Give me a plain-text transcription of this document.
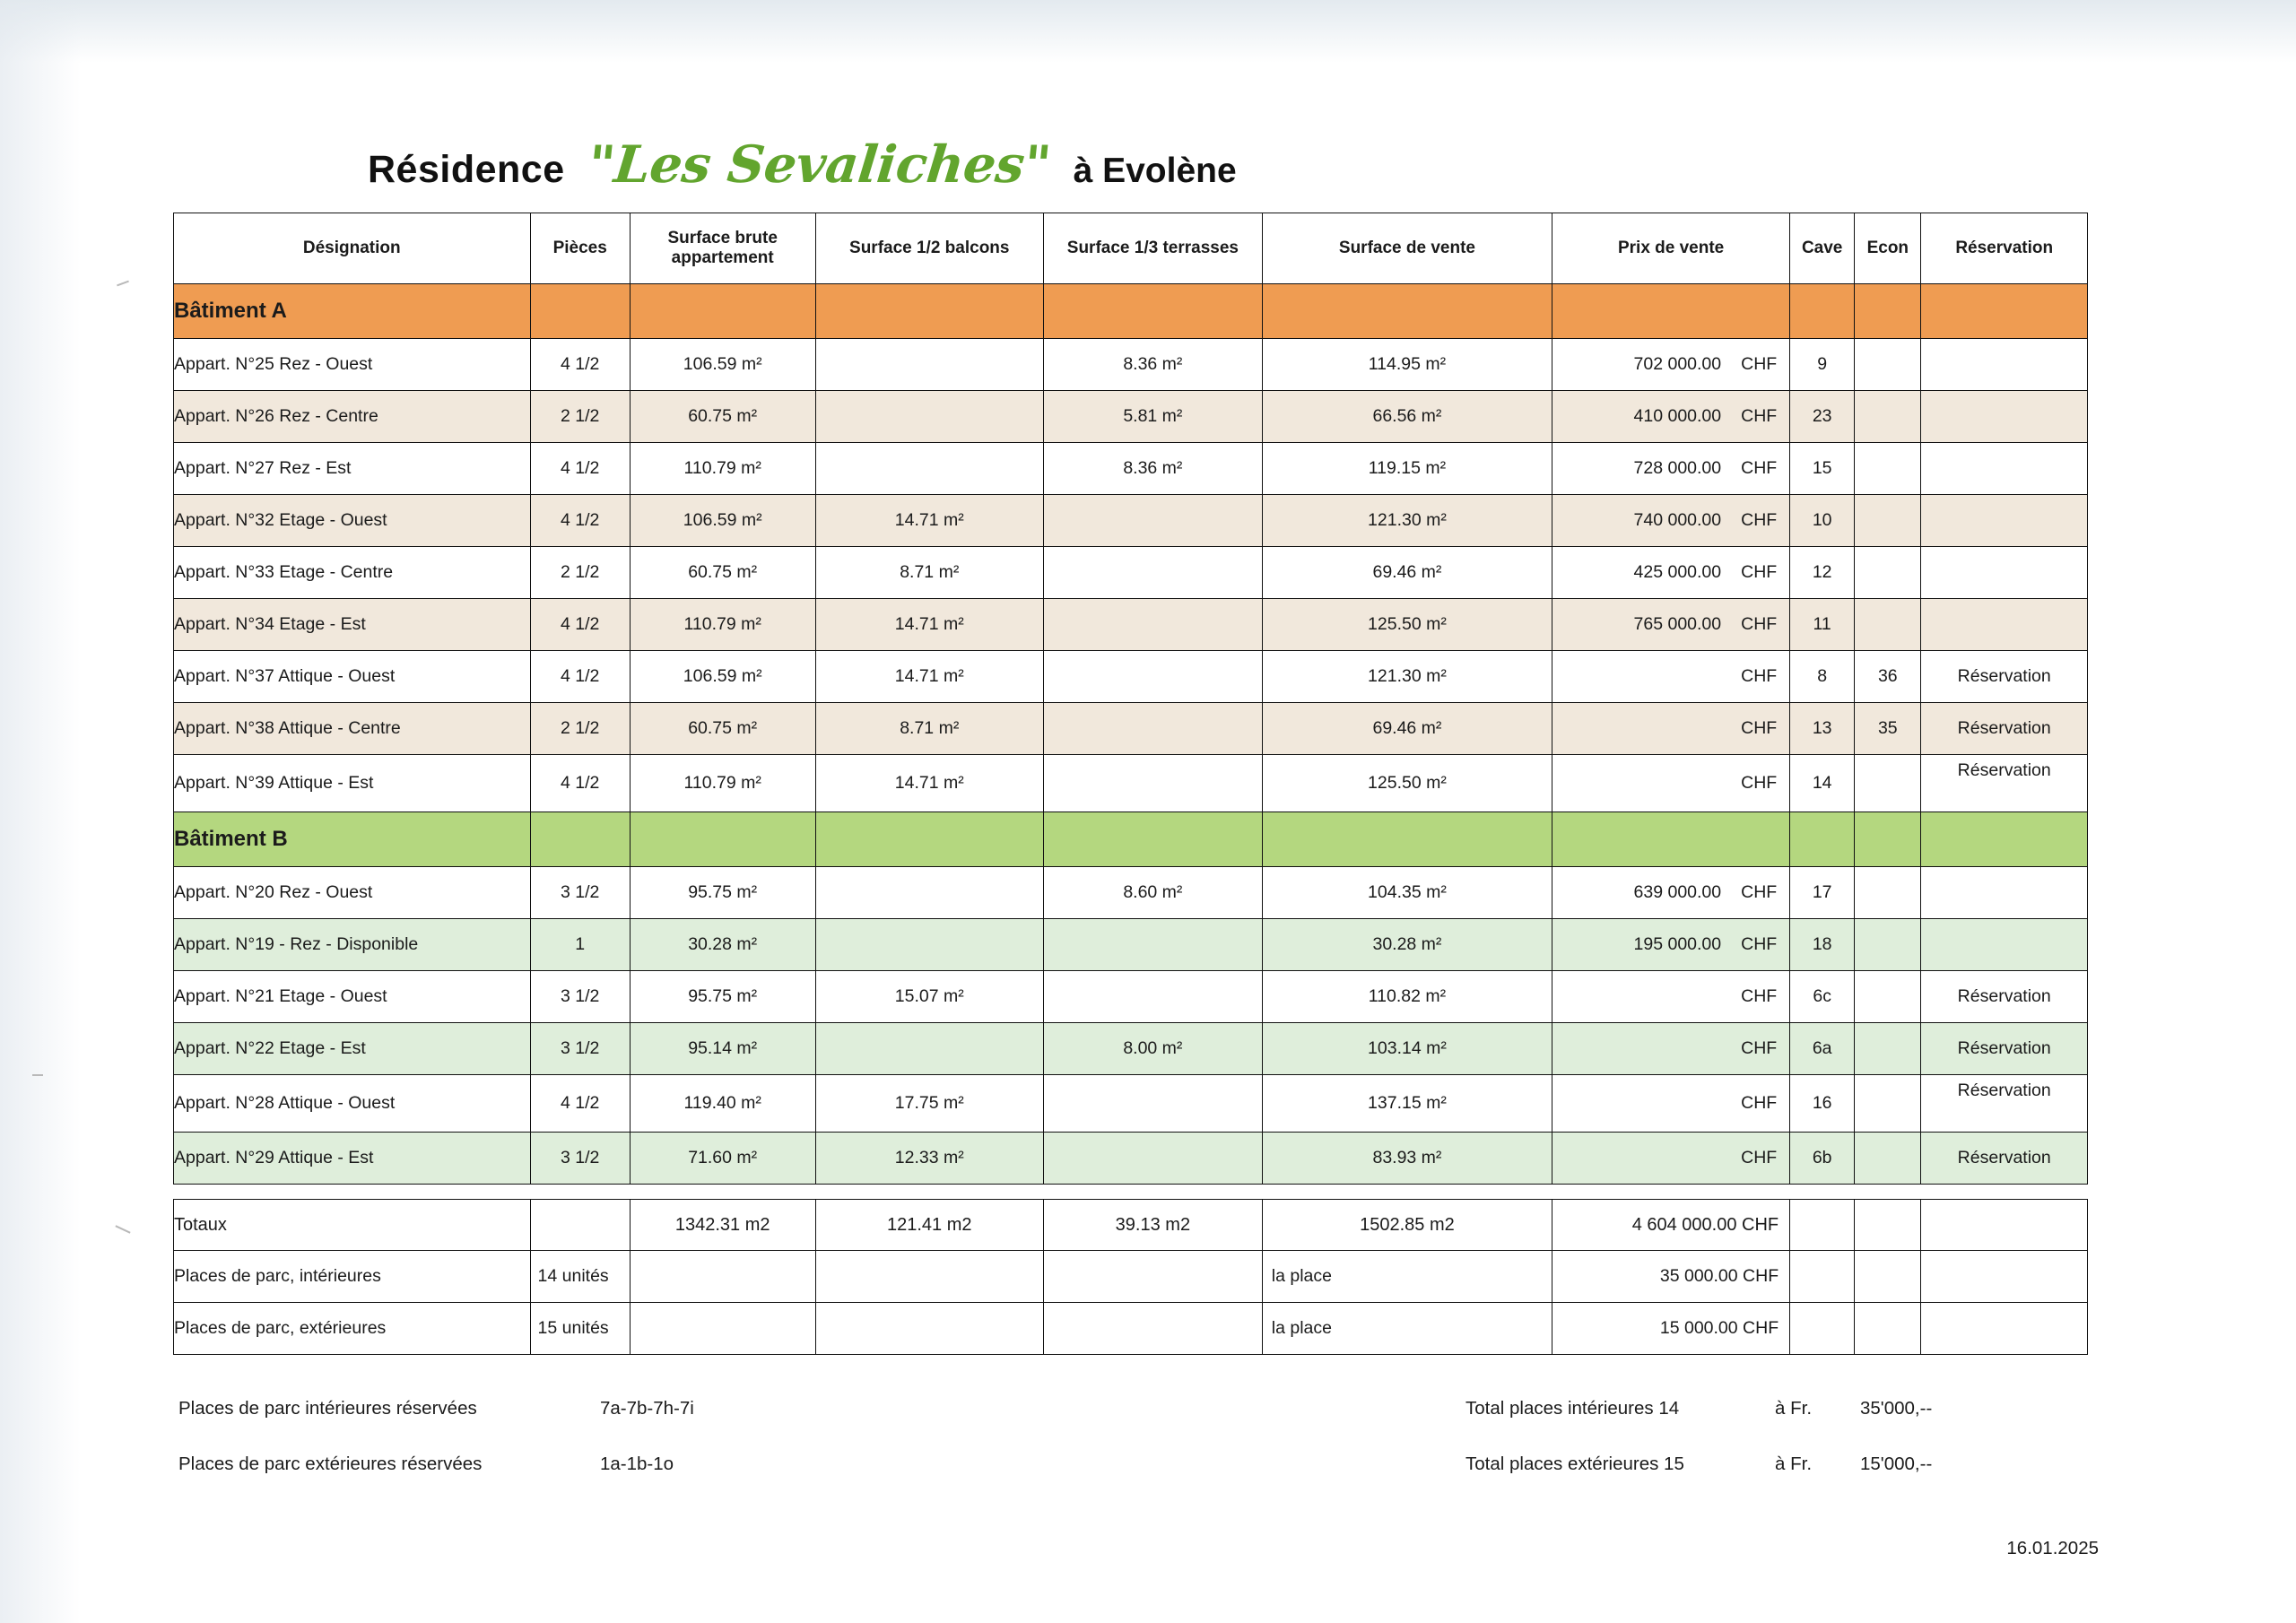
Résidence "Les Sevaliches" à Evolène
Désignation	Pièces	Surface brute appartement	Surface 1/2 balcons	Surface 1/3 terrasses	Surface de vente	Prix de vente	Cave	Econ	Réservation
Bâtiment A									
Appart. N°25 Rez - Ouest	4 1/2	106.59 m²		8.36 m²	114.95 m²	702 000.00 CHF	9		
Appart. N°26 Rez - Centre	2 1/2	60.75 m²		5.81 m²	66.56 m²	410 000.00 CHF	23		
Appart. N°27 Rez - Est	4 1/2	110.79 m²		8.36 m²	119.15 m²	728 000.00 CHF	15		
Appart. N°32 Etage - Ouest	4 1/2	106.59 m²	14.71 m²		121.30 m²	740 000.00 CHF	10		
Appart. N°33 Etage - Centre	2 1/2	60.75 m²	8.71 m²		69.46 m²	425 000.00 CHF	12		
Appart. N°34 Etage - Est	4 1/2	110.79 m²	14.71 m²		125.50 m²	765 000.00 CHF	11		
Appart. N°37 Attique - Ouest	4 1/2	106.59 m²	14.71 m²		121.30 m²	CHF	8	36	Réservation
Appart. N°38 Attique - Centre	2 1/2	60.75 m²	8.71 m²		69.46 m²	CHF	13	35	Réservation
Appart. N°39 Attique - Est	4 1/2	110.79 m²	14.71 m²		125.50 m²	CHF	14		Réservation
Bâtiment B									
Appart. N°20 Rez - Ouest	3 1/2	95.75 m²		8.60 m²	104.35 m²	639 000.00 CHF	17		
Appart. N°19 - Rez - Disponible	1	30.28 m²			30.28 m²	195 000.00 CHF	18		
Appart. N°21 Etage - Ouest	3 1/2	95.75 m²	15.07 m²		110.82 m²	CHF	6c		Réservation
Appart. N°22 Etage - Est	3 1/2	95.14 m²		8.00 m²	103.14 m²	CHF	6a		Réservation
Appart. N°28 Attique - Ouest	4 1/2	119.40 m²	17.75 m²		137.15 m²	CHF	16		Réservation
Appart. N°29 Attique - Est	3 1/2	71.60 m²	12.33 m²		83.93 m²	CHF	6b		Réservation

Totaux		1342.31 m2	121.41 m2	39.13 m2	1502.85 m2	4 604 000.00 CHF			
Places de parc, intérieures	14 unités				la place	35 000.00 CHF			
Places de parc, extérieures	15 unités				la place	15 000.00 CHF			
Places de parc intérieures réservées	7a-7b-7h-7i	Total places intérieures 14	à Fr.	35'000,--
Places de parc extérieures réservées	1a-1b-1o	Total places extérieures 15	à Fr.	15'000,--
16.01.2025
